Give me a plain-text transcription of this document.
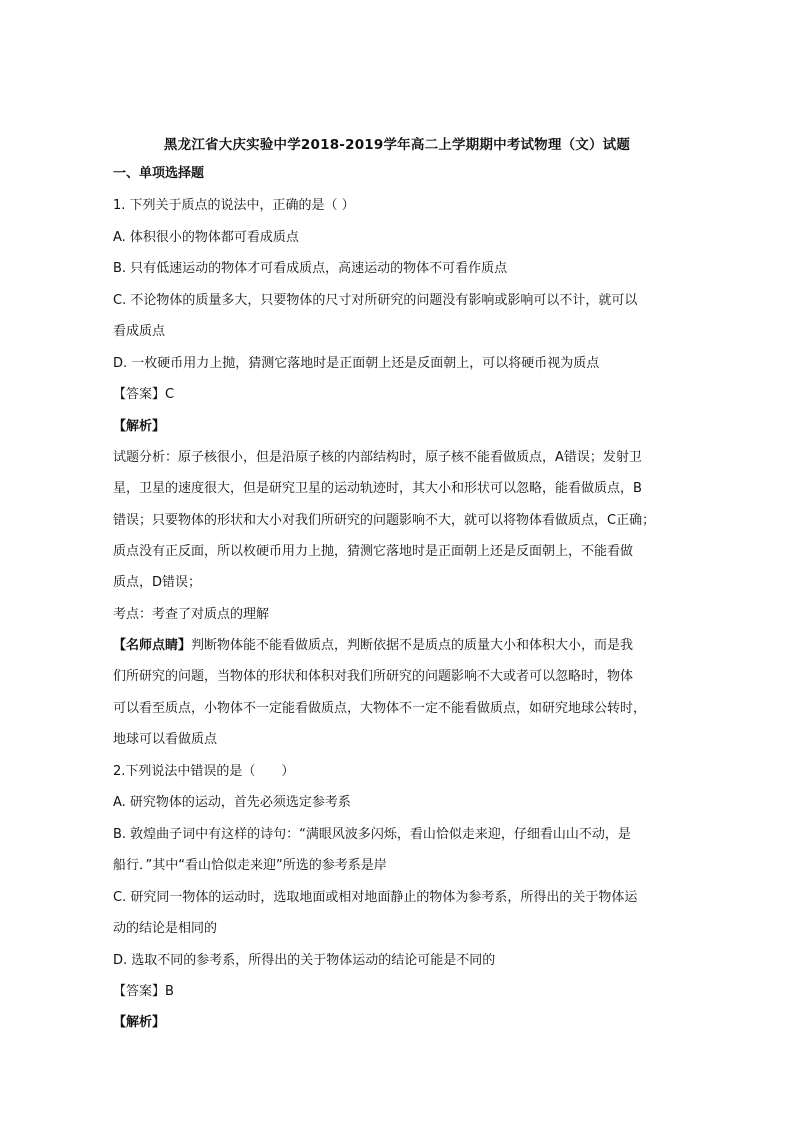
黑龙江省大庆实验中学2018-2019学年高二上学期期中考试物理（文）试题
一、单项选择题
1. 下列关于质点的说法中，正确的是（ ）
A. 体积很小的物体都可看成质点
B. 只有低速运动的物体才可看成质点，高速运动的物体不可看作质点
C. 不论物体的质量多大，只要物体的尺寸对所研究的问题没有影响或影响可以不计，就可以
看成质点
D. 一枚硬币用力上抛，猜测它落地时是正面朝上还是反面朝上，可以将硬币视为质点
【答案】C
【解析】
试题分析：原子核很小，但是沿原子核的内部结构时，原子核不能看做质点，A错误；发射卫
星，卫星的速度很大，但是研究卫星的运动轨迹时，其大小和形状可以忽略，能看做质点，B
错误；只要物体的形状和大小对我们所研究的问题影响不大，就可以将物体看做质点，C正确；
质点没有正反面，所以枚硬币用力上抛，猜测它落地时是正面朝上还是反面朝上，不能看做
质点，D错误；
考点：考查了对质点的理解
【名师点睛】判断物体能不能看做质点，判断依据不是质点的质量大小和体积大小，而是我
们所研究的问题，当物体的形状和体积对我们所研究的问题影响不大或者可以忽略时，物体
可以看至质点，小物体不一定能看做质点，大物体不一定不能看做质点，如研究地球公转时，
地球可以看做质点
2.下列说法中错误的是（　　）
A. 研究物体的运动，首先必须选定参考系
B. 敦煌曲子词中有这样的诗句：“满眼风波多闪烁，看山恰似走来迎，仔细看山山不动，是
船行．”其中“看山恰似走来迎”所选的参考系是岸
C. 研究同一物体的运动时，选取地面或相对地面静止的物体为参考系，所得出的关于物体运
动的结论是相同的
D. 选取不同的参考系，所得出的关于物体运动的结论可能是不同的
【答案】B
【解析】
